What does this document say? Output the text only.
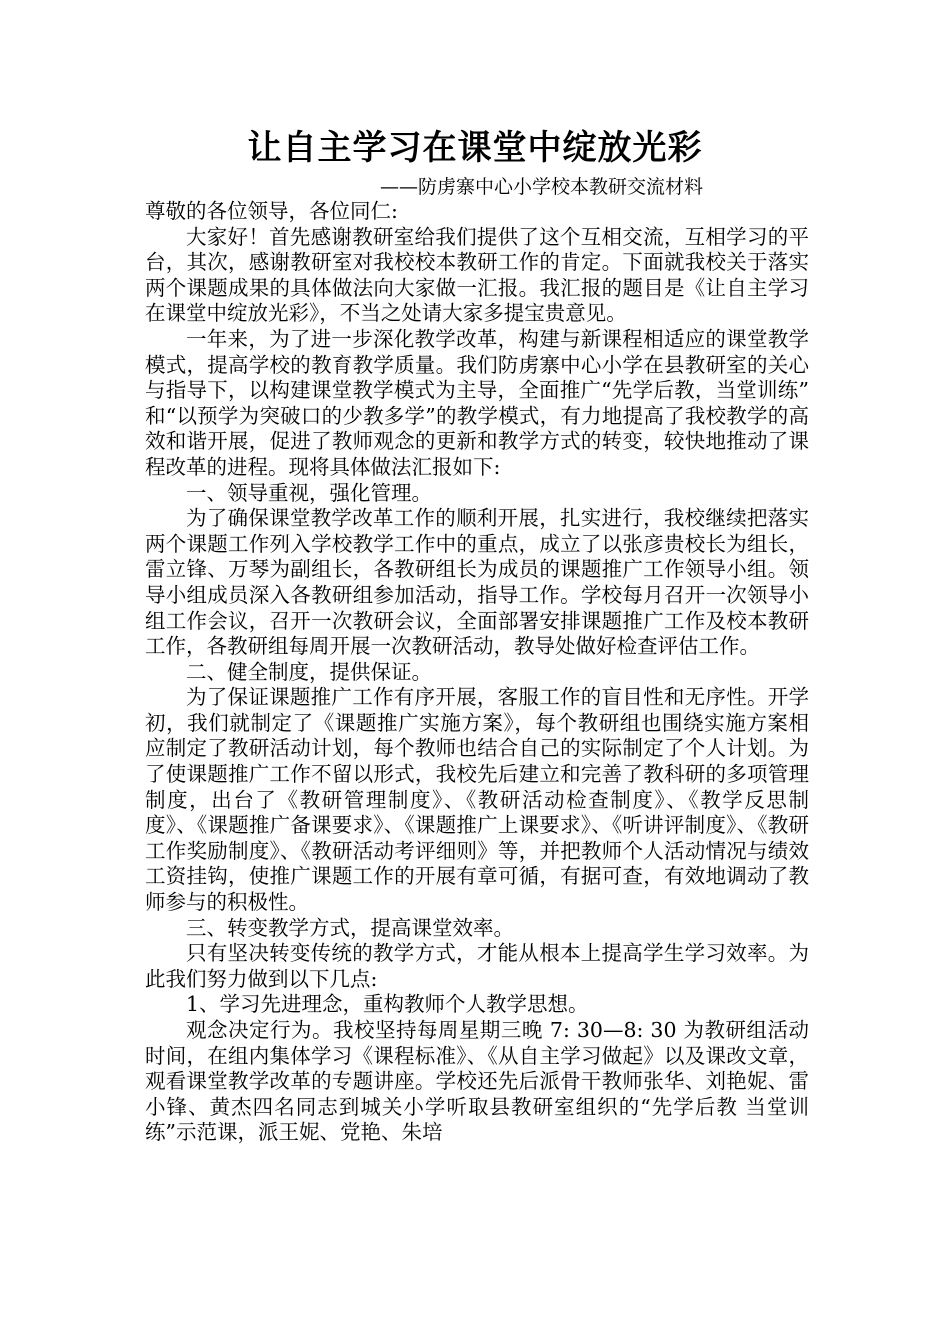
让自主学习在课堂中绽放光彩
——防虏寨中心小学校本教研交流材料

尊敬的各位领导，各位同仁:

大家好！首先感谢教研室给我们提供了这个互相交流，互相学习的平台，其次，感谢教研室对我校校本教研工作的肯定。下面就我校关于落实两个课题成果的具体做法向大家做一汇报。我汇报的题目是《让自主学习在课堂中绽放光彩》，不当之处请大家多提宝贵意见。

一年来，为了进一步深化教学改革，构建与新课程相适应的课堂教学模式，提高学校的教育教学质量。我们防虏寨中心小学在县教研室的关心与指导下，以构建课堂教学模式为主导，全面推广“先学后教，当堂训练”　和“以预学为突破口的少教多学”的教学模式，有力地提高了我校教学的高效和谐开展，促进了教师观念的更新和教学方式的转变，较快地推动了课程改革的进程。现将具体做法汇报如下:

一、领导重视，强化管理。

为了确保课堂教学改革工作的顺利开展，扎实进行，我校继续把落实两个课题工作列入学校教学工作中的重点，成立了以张彦贵校长为组长，雷立锋、万琴为副组长，各教研组长为成员的课题推广工作领导小组。领导小组成员深入各教研组参加活动，指导工作。学校每月召开一次领导小组工作会议，召开一次教研会议，全面部署安排课题推广工作及校本教研工作，各教研组每周开展一次教研活动，教导处做好检查评估工作。

二、健全制度，提供保证。

为了保证课题推广工作有序开展，客服工作的盲目性和无序性。开学初，我们就制定了《课题推广实施方案》，每个教研组也围绕实施方案相应制定了教研活动计划，每个教师也结合自己的实际制定了个人计划。为了使课题推广工作不留以形式，我校先后建立和完善了教科研的多项管理制度，出台了《教研管理制度》、《教研活动检查制度》、《教学反思制度》、《课题推广备课要求》、《课题推广上课要求》、《听讲评制度》、《教研工作奖励制度》、《教研活动考评细则》等，并把教师个人活动情况与绩效工资挂钩，使推广课题工作的开展有章可循，有据可查，有效地调动了教师参与的积极性。

三、转变教学方式，提高课堂效率。

只有坚决转变传统的教学方式，才能从根本上提高学生学习效率。为此我们努力做到以下几点:

1、学习先进理念，重构教师个人教学思想。

观念决定行为。我校坚持每周星期三晚 7: 30—8: 30 为教研组活动时间，在组内集体学习《课程标准》、《从自主学习做起》以及课改文章，观看课堂教学改革的专题讲座。学校还先后派骨干教师张华、刘艳妮、雷小锋、黄杰四名同志到城关小学听取县教研室组织的“先学后教 当堂训练”示范课，派王妮、党艳、朱培
